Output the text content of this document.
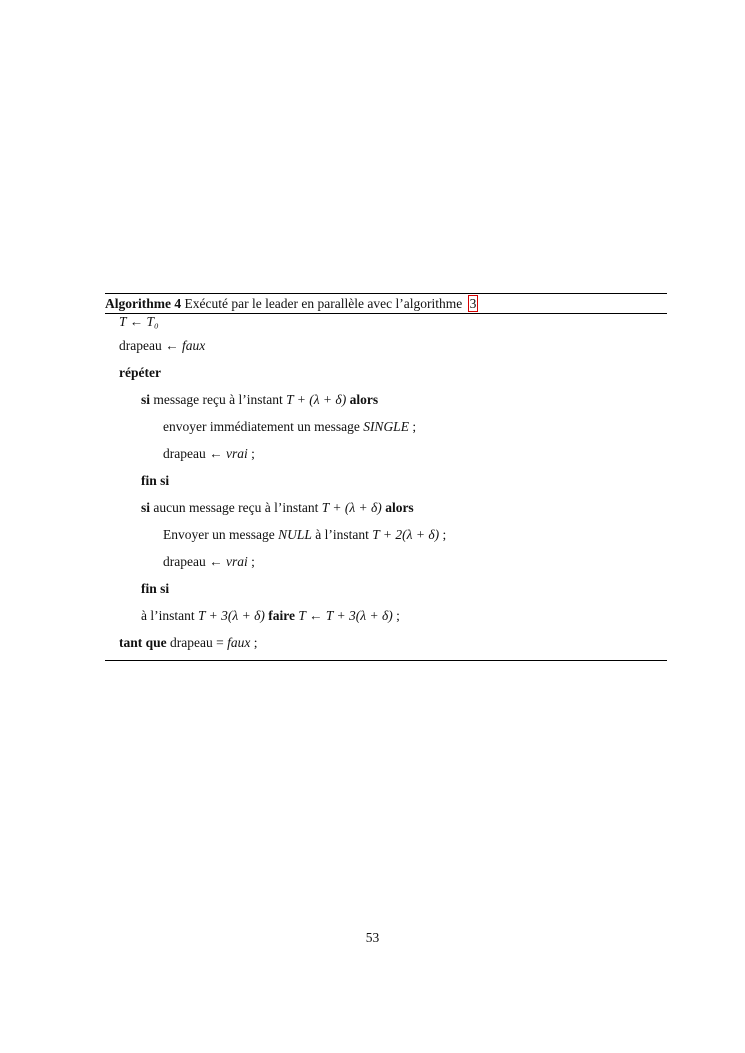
Algorithme 4 Exécuté par le leader en parallèle avec l’algorithme 3
T ← T₀
drapeau ← faux
répéter
si message reçu à l’instant T + (λ + δ) alors
envoyer immédiatement un message SINGLE ;
drapeau ← vrai ;
fin si
si aucun message reçu à l’instant T + (λ + δ) alors
Envoyer un message NULL à l’instant T + 2(λ + δ) ;
drapeau ← vrai ;
fin si
à l’instant T + 3(λ + δ) faire T ← T + 3(λ + δ) ;
tant que drapeau = faux ;
53
